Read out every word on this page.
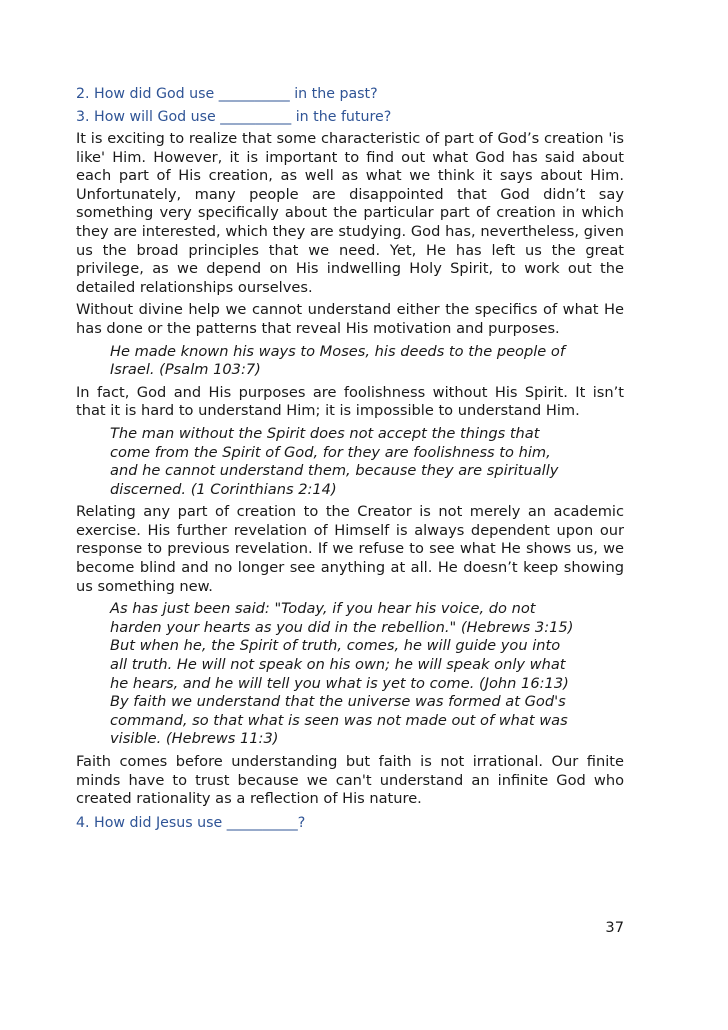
2. How did God use __________ in the past?
3. How will God use __________ in the future?

It is exciting to realize that some characteristic of part of God’s creation 'is like' Him. However, it is important to find out what God has said about each part of His creation, as well as what we think it says about Him. Unfortunately, many people are disappointed that God didn’t say something very specifically about the particular part of creation in which they are interested, which they are studying. God has, nevertheless, given us the broad principles that we need. Yet, He has left us the great privilege, as we depend on His indwelling Holy Spirit, to work out the detailed relationships ourselves.

Without divine help we cannot understand either the specifics of what He has done or the patterns that reveal His motivation and purposes.

He made known his ways to Moses, his deeds to the people of
Israel. (Psalm 103:7)

In fact, God and His purposes are foolishness without His Spirit. It isn’t that it is hard to understand Him; it is impossible to understand Him.

The man without the Spirit does not accept the things that
come from the Spirit of God, for they are foolishness to him,
and he cannot understand them, because they are spiritually
discerned. (1 Corinthians 2:14)

Relating any part of creation to the Creator is not merely an academic exercise. His further revelation of Himself is always dependent upon our response to previous revelation. If we refuse to see what He shows us, we become blind and no longer see anything at all. He doesn’t keep showing us something new.

As has just been said: "Today, if you hear his voice, do not
harden your hearts as you did in the rebellion." (Hebrews 3:15)
But when he, the Spirit of truth, comes, he will guide you into
all truth. He will not speak on his own; he will speak only what
he hears, and he will tell you what is yet to come. (John 16:13)
By faith we understand that the universe was formed at God's
command, so that what is seen was not made out of what was
visible. (Hebrews 11:3)

Faith comes before understanding but faith is not irrational. Our finite minds have to trust because we can't understand an infinite God who created rationality as a reflection of His nature.

4. How did Jesus use __________?
37
